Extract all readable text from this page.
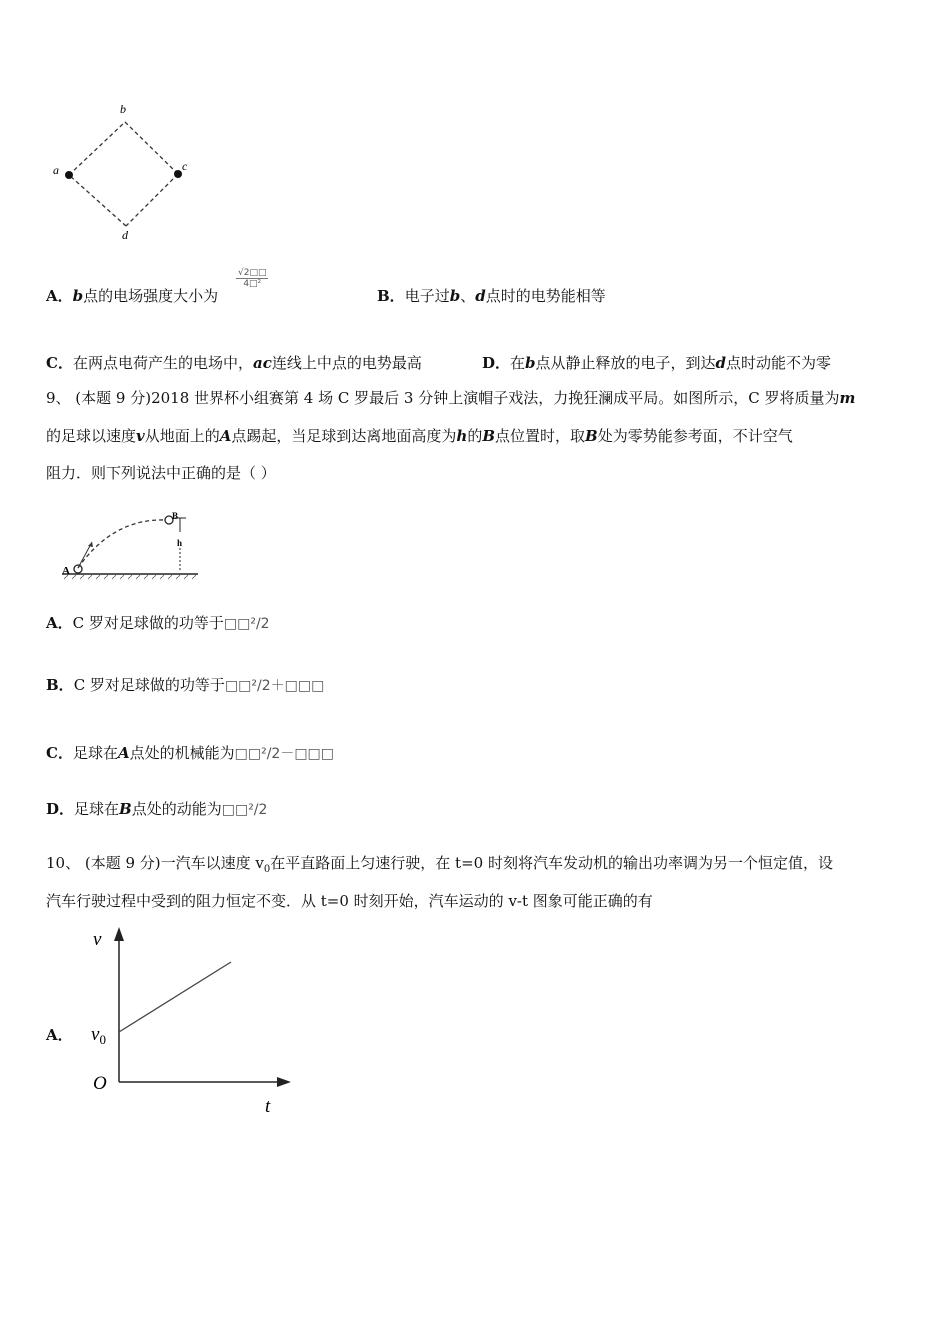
a
b
c
d
A．b点的电场强度大小为
√2□□
4□²
B．电子过b、d点时的电势能相等
C．在两点电荷产生的电场中，ac连线上中点的电势最高	D．在b点从静止释放的电子，到达d点时动能不为零
9、 (本题 9 分)2018 世界杯小组赛第 4 场 C 罗最后 3 分钟上演帽子戏法，力挽狂澜成平局。如图所示，C 罗将质量为m
的足球以速度v从地面上的A点踢起，当足球到达离地面高度为h的B点位置时，取B处为零势能参考面，不计空气
阻力．则下列说法中正确的是（ ）
A
B
h
A．C 罗对足球做的功等于□□²/2
B．C 罗对足球做的功等于□□²/2＋□□□
C．足球在A点处的机械能为□□²/2－□□□
D．足球在B点处的动能为□□²/2
10、 (本题 9 分)一汽车以速度 $v_0$在平直路面上匀速行驶，在 t=0 时刻将汽车发动机的输出功率调为另一个恒定值，设
汽车行驶过程中受到的阻力恒定不变．从 t=0 时刻开始，汽车运动的 v-t 图象可能正确的有
A．
v
t
O
$v_0$
